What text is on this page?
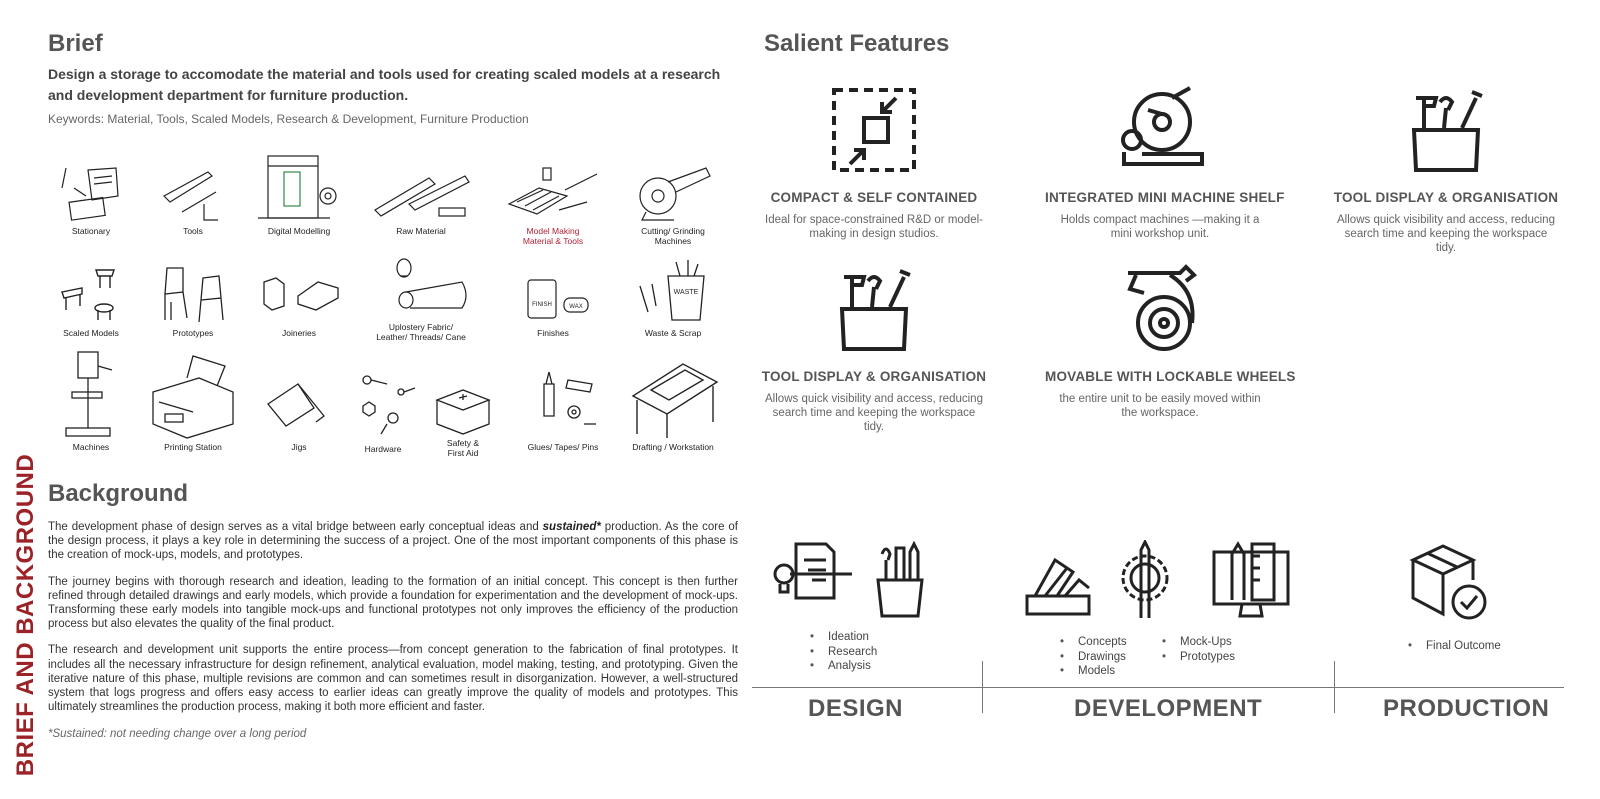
BRIEF AND BACKGROUND
Brief
Design a storage to accomodate the material and tools used for creating scaled models at a research and development department for furniture production.
Keywords: Material, Tools, Scaled Models, Research & Development, Furniture Production
Stationary	Tools	Digital Modelling	Raw Material	Model Making
Material & Tools
Cutting/ Grinding
Machines
Scaled Models	Prototypes	Joineries
Uplostery Fabric/
Leather/ Threads/ Cane
FINISH	WAX
Finishes
WASTE
Waste & Scrap
Machines	Printing Station	Jigs	Hardware
Safety &
First Aid
Glues/ Tapes/ Pins	Drafting / Workstation
Background

The development phase of design serves as a vital bridge between early conceptual ideas and sustained* production. As the core of the design process, it plays a key role in determining the success of a project. One of the most important components of this phase is the creation of mock-ups, models, and prototypes.

The journey begins with thorough research and ideation, leading to the formation of an initial concept. This concept is then further refined through detailed drawings and early models, which provide a foundation for experimentation and the development of mock-ups. Transforming these early models into tangible mock-ups and functional prototypes not only improves the efficiency of the production process but also elevates the quality of the final product.

The research and development unit supports the entire process—from concept generation to the fabrication of final prototypes. It includes all the necessary infrastructure for design refinement, analytical evaluation, model making, testing, and prototyping. Given the iterative nature of this phase, multiple revisions are common and can sometimes result in disorganization. However, a well-structured system that logs progress and offers easy access to earlier ideas can greatly improve the quality of models and prototypes. This ultimately streamlines the production process, making it both more efficient and faster.

*Sustained: not needing change over a long period

Salient Features
COMPACT & SELF CONTAINED
Ideal for space-constrained R&D or model-making in design studios.
INTEGRATED MINI MACHINE SHELF
Holds compact machines —making it a mini workshop unit.
TOOL DISPLAY & ORGANISATION
Allows quick visibility and access, reducing search time and keeping the workspace tidy.
TOOL DISPLAY & ORGANISATION
Allows quick visibility and access, reducing search time and keeping the workspace tidy.
MOVABLE WITH LOCKABLE WHEELS
the entire unit to be easily moved within the workspace.
• Ideation
• Research
• Analysis
• Concepts
• Drawings
• Models
• Mock-Ups
• Prototypes
• Final Outcome
DESIGN	DEVELOPMENT	PRODUCTION
